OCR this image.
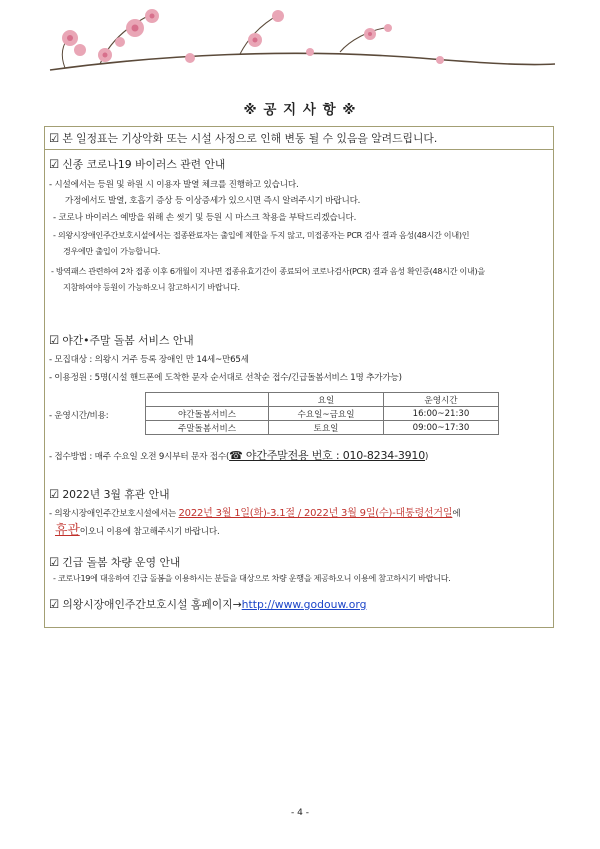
※ 공 지 사 항 ※
☑ 본 일정표는 기상악화 또는 시설 사정으로 인해 변동 될 수 있음을 알려드립니다.
☑ 신종 코로나19 바이러스 관련 안내
- 시설에서는 등원 및 하원 시 이용자 발열 체크를 진행하고 있습니다.
가정에서도 발열, 호흡기 증상 등 이상증세가 있으시면 즉시 알려주시기 바랍니다.
- 코로나 바이러스 예방을 위해 손 씻기 및 등원 시 마스크 착용을 부탁드리겠습니다.
- 의왕시장애인주간보호시설에서는 접종완료자는 출입에 제한을 두지 않고, 미접종자는 PCR 검사 결과 음성(48시간 이내)인
경우에만 출입이 가능합니다.
- 방역패스 관련하여 2차 접종 이후 6개월이 지나면 접종유효기간이 종료되어 코로나검사(PCR) 결과 음성 확인증(48시간 이내)을
지참하여야 등원이 가능하오니 참고하시기 바랍니다.
☑ 야간•주말 돌봄 서비스 안내
- 모집대상 : 의왕시 거주 등록 장애인 만 14세~만65세
- 이용정원 : 5명(시설 핸드폰에 도착한 문자 순서대로 선착순 접수/긴급돌봄서비스 1명 추가가능)
- 운영시간/비용:
	요일	운영시간
야간돌봄서비스	수요일~금요일	16:00~21:30
주말돌봄서비스	토요일	09:00~17:30
- 접수방법 : 매주 수요일 오전 9시부터 문자 접수(☎ 야간주말전용 번호 : 010-8234-3910)
☑ 2022년 3월 휴관 안내
- 의왕시장애인주간보호시설에서는 2022년 3월 1일(화)-3.1절 / 2022년 3월 9일(수)-대통령선거일에
휴관이오니 이용에 참고해주시기 바랍니다.
☑ 긴급 돌봄 차량 운영 안내
- 코로나19에 대응하여 긴급 돌봄을 이용하시는 분들을 대상으로 차량 운행을 제공하오니 이용에 참고하시기 바랍니다.
☑ 의왕시장애인주간보호시설 홈페이지→http://www.godouw.org
- 4 -
